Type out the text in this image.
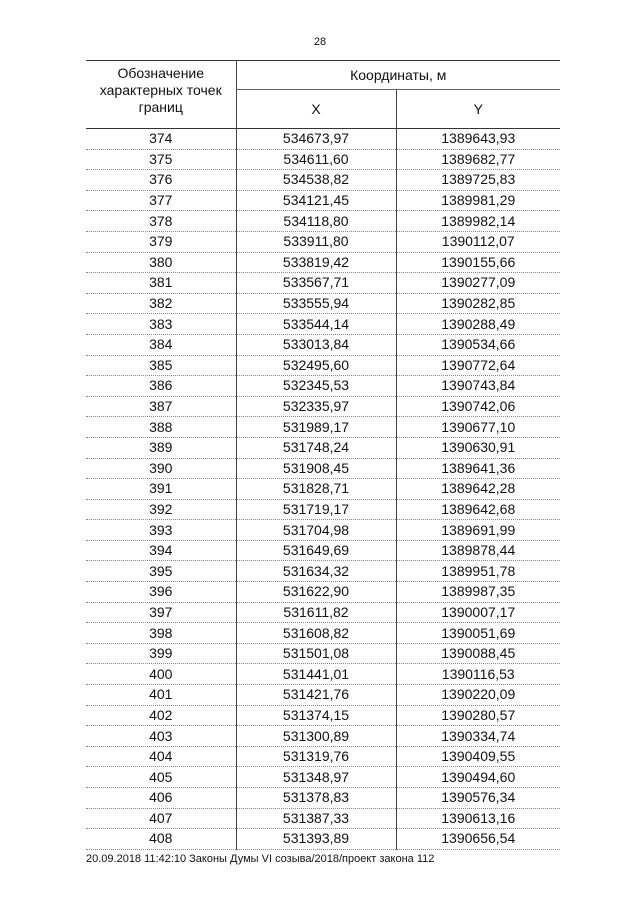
28
Обозначение
характерных точек
границ	Координаты, м	
	X	Y
374	534673,97	1389643,93
375	534611,60	1389682,77
376	534538,82	1389725,83
377	534121,45	1389981,29
378	534118,80	1389982,14
379	533911,80	1390112,07
380	533819,42	1390155,66
381	533567,71	1390277,09
382	533555,94	1390282,85
383	533544,14	1390288,49
384	533013,84	1390534,66
385	532495,60	1390772,64
386	532345,53	1390743,84
387	532335,97	1390742,06
388	531989,17	1390677,10
389	531748,24	1390630,91
390	531908,45	1389641,36
391	531828,71	1389642,28
392	531719,17	1389642,68
393	531704,98	1389691,99
394	531649,69	1389878,44
395	531634,32	1389951,78
396	531622,90	1389987,35
397	531611,82	1390007,17
398	531608,82	1390051,69
399	531501,08	1390088,45
400	531441,01	1390116,53
401	531421,76	1390220,09
402	531374,15	1390280,57
403	531300,89	1390334,74
404	531319,76	1390409,55
405	531348,97	1390494,60
406	531378,83	1390576,34
407	531387,33	1390613,16
408	531393,89	1390656,54
20.09.2018 11:42:10 Законы Думы VI созыва/2018/проект закона 112
